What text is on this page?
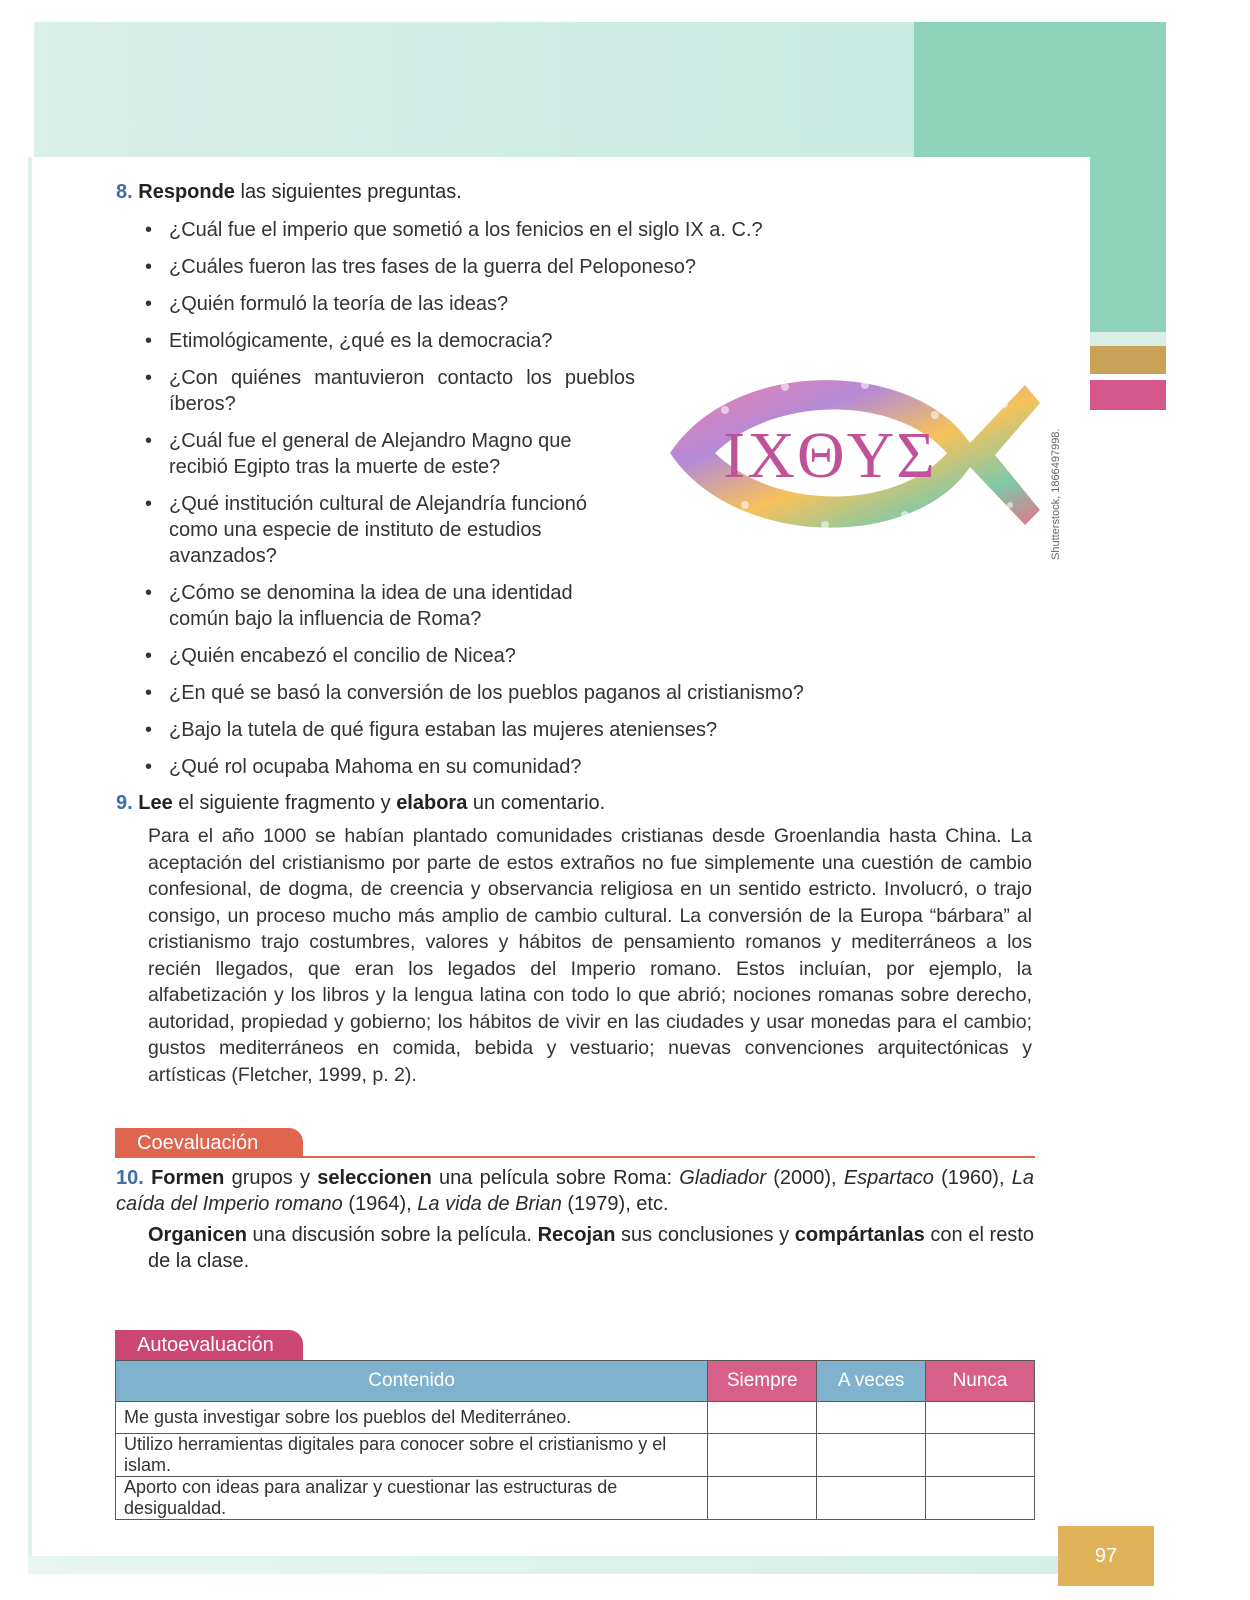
97
8. Responde las siguientes preguntas.
• ¿Cuál fue el imperio que sometió a los fenicios en el siglo IX a. C.?
• ¿Cuáles fueron las tres fases de la guerra del Peloponeso?
• ¿Quién formuló la teoría de las ideas?
• Etimológicamente, ¿qué es la democracia?
• ¿Con quiénes mantuvieron contacto los pueblos íberos?
• ¿Cuál fue el general de Alejandro Magno que recibió Egipto tras la muerte de este?
• ¿Qué institución cultural de Alejandría funcionó como una especie de instituto de estudios avanzados?
• ¿Cómo se denomina la idea de una identidad común bajo la influencia de Roma?
• ¿Quién encabezó el concilio de Nicea?
• ¿En qué se basó la conversión de los pueblos paganos al cristianismo?
• ¿Bajo la tutela de qué figura estaban las mujeres atenienses?
• ¿Qué rol ocupaba Mahoma en su comunidad?
IXΘYΣ	Shutterstock, 1866497998.
9. Lee el siguiente fragmento y elabora un comentario.
Para el año 1000 se habían plantado comunidades cristianas desde Groenlandia hasta China. La aceptación del cristianismo por parte de estos extraños no fue simplemente una cuestión de cambio confesional, de dogma, de creencia y observancia religiosa en un sentido estricto. Involucró, o trajo consigo, un proceso mucho más amplio de cambio cultural. La conversión de la Europa “bárbara” al cristianismo trajo costumbres, valores y hábitos de pensamiento romanos y mediterráneos a los recién llegados, que eran los legados del Imperio romano. Estos incluían, por ejemplo, la alfabetización y los libros y la lengua latina con todo lo que abrió; nociones romanas sobre derecho, autoridad, propiedad y gobierno; los hábitos de vivir en las ciudades y usar monedas para el cambio; gustos mediterráneos en comida, bebida y vestuario; nuevas convenciones arquitectónicas y artísticas (Fletcher, 1999, p. 2).
Coevaluación
10. Formen grupos y seleccionen una película sobre Roma: Gladiador (2000), Espartaco (1960), La caída del Imperio romano (1964), La vida de Brian (1979), etc.
Organicen una discusión sobre la película. Recojan sus conclusiones y compártanlas con el resto de la clase.
Autoevaluación
Contenido	Siempre	A veces	Nunca
Me gusta investigar sobre los pueblos del Mediterráneo.			
Utilizo herramientas digitales para conocer sobre el cristianismo y el islam.			
Aporto con ideas para analizar y cuestionar las estructuras de desigualdad.			
